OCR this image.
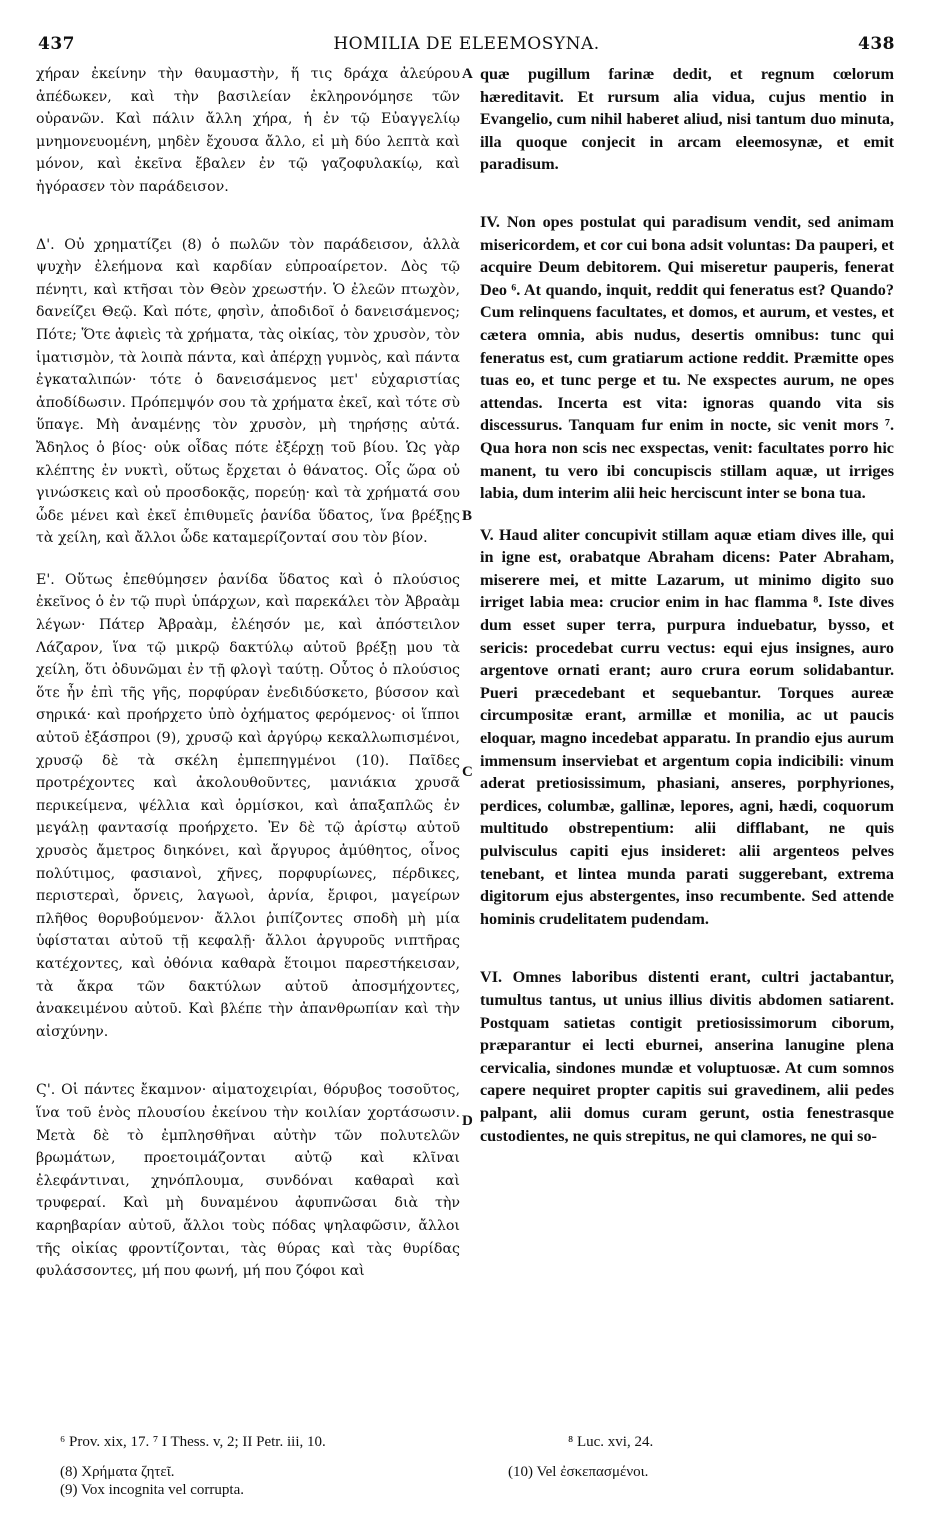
437	HOMILIA DE ELEEMOSYNA.	438

χήραν ἐκείνην τὴν θαυμαστὴν, ἥ τις δράχα ἀλεύρου ἀπέδωκεν, καὶ τὴν βασιλείαν ἐκληρονόμησε τῶν οὐρανῶν. Καὶ πάλιν ἄλλη χήρα, ἡ ἐν τῷ Εὐαγγελίῳ μνημονευομένη, μηδὲν ἔχουσα ἄλλο, εἰ μὴ δύο λεπτὰ καὶ μόνον, καὶ ἐκεῖνα ἔβαλεν ἐν τῷ γαζοφυλακίῳ, καὶ ἠγόρασεν τὸν παράδεισον.

Δ'. Οὐ χρηματίζει (8) ὁ πωλῶν τὸν παράδεισον, ἀλλὰ ψυχὴν ἐλεήμονα καὶ καρδίαν εὐπροαίρετον. Δὸς τῷ πένητι, καὶ κτῆσαι τὸν Θεὸν χρεωστήν. Ὁ ἐλεῶν πτωχὸν, δανείζει Θεῷ. Καὶ πότε, φησὶν, ἀποδιδοῖ ὁ δανεισάμενος; Πότε; Ὅτε ἀφιεὶς τὰ χρήματα, τὰς οἰκίας, τὸν χρυσὸν, τὸν ἱματισμὸν, τὰ λοιπὰ πάντα, καὶ ἀπέρχῃ γυμνὸς, καὶ πάντα ἐγκαταλιπών· τότε ὁ δανεισάμενος μετ' εὐχαριστίας ἀποδίδωσιν. Πρόπεμψόν σου τὰ χρήματα ἐκεῖ, καὶ τότε σὺ ὕπαγε. Μὴ ἀναμένῃς τὸν χρυσὸν, μὴ τηρήσῃς αὐτά. Ἄδηλος ὁ βίος· οὐκ οἶδας πότε ἐξέρχῃ τοῦ βίου. Ὡς γὰρ κλέπτης ἐν νυκτὶ, οὕτως ἔρχεται ὁ θάνατος. Οἷς ὥρα οὐ γινώσκεις καὶ οὐ προσδοκᾷς, πορεύῃ· καὶ τὰ χρήματά σου ὧδε μένει καὶ ἐκεῖ ἐπιθυμεῖς ῥανίδα ὕδατος, ἵνα βρέξῃς τὰ χείλη, καὶ ἄλλοι ὧδε καταμερίζονταί σου τὸν βίον.

Ε'. Οὕτως ἐπεθύμησεν ῥανίδα ὕδατος καὶ ὁ πλούσιος ἐκεῖνος ὁ ἐν τῷ πυρὶ ὑπάρχων, καὶ παρεκάλει τὸν Ἀβραὰμ λέγων· Πάτερ Ἀβραὰμ, ἐλέησόν με, καὶ ἀπόστειλον Λάζαρον, ἵνα τῷ μικρῷ δακτύλῳ αὐτοῦ βρέξῃ μου τὰ χείλη, ὅτι ὀδυνῶμαι ἐν τῇ φλογὶ ταύτῃ. Οὗτος ὁ πλούσιος ὅτε ἦν ἐπὶ τῆς γῆς, πορφύραν ἐνεδιδύσκετο, βύσσον καὶ σηρικά· καὶ προήρχετο ὑπὸ ὀχήματος φερόμενος· οἱ ἵπποι αὐτοῦ ἐξάσπροι (9), χρυσῷ καὶ ἀργύρῳ κεκαλλωπισμένοι, χρυσῷ δὲ τὰ σκέλη ἐμπεπηγμένοι (10). Παῖδες προτρέχοντες καὶ ἀκολουθοῦντες, μανιάκια χρυσᾶ περικείμενα, ψέλλια καὶ ὁρμίσκοι, καὶ ἁπαξαπλῶς ἐν μεγάλῃ φαντασίᾳ προήρχετο. Ἐν δὲ τῷ ἀρίστῳ αὐτοῦ χρυσὸς ἄμετρος διηκόνει, καὶ ἄργυρος ἀμύθητος, οἶνος πολύτιμος, φασιανοὶ, χῆνες, πορφυρίωνες, πέρδικες, περιστεραὶ, ὄρνεις, λαγωοὶ, ἀρνία, ἔριφοι, μαγείρων πλῆθος θορυβούμενον· ἄλλοι ῥιπίζοντες σποδὴ μὴ μία ὑφίσταται αὐτοῦ τῇ κεφαλῇ· ἄλλοι ἀργυροῦς νιπτῆρας κατέχοντες, καὶ ὀθόνια καθαρὰ ἕτοιμοι παρεστήκεισαν, τὰ ἄκρα τῶν δακτύλων αὐτοῦ ἀποσμήχοντες, ἀνακειμένου αὐτοῦ. Καὶ βλέπε τὴν ἀπανθρωπίαν καὶ τὴν αἰσχύνην.

Ϛ'. Οἱ πάντες ἔκαμνον· αἱματοχειρίαι, θόρυβος τοσοῦτος, ἵνα τοῦ ἑνὸς πλουσίου ἐκείνου τὴν κοιλίαν χορτάσωσιν. Μετὰ δὲ τὸ ἐμπλησθῆναι αὐτὴν τῶν πολυτελῶν βρωμάτων, προετοιμάζονται αὐτῷ καὶ κλῖναι ἐλεφάντιναι, χηνόπλουμα, συνδόναι καθαραὶ καὶ τρυφεραί. Καὶ μὴ δυναμένου ἀφυπνῶσαι διὰ τὴν καρηβαρίαν αὐτοῦ, ἄλλοι τοὺς πόδας ψηλαφῶσιν, ἄλλοι τῆς οἰκίας φροντίζονται, τὰς θύρας καὶ τὰς θυρίδας φυλάσσοντες, μή που φωνή, μή που ζόφοι καὶ

A
B
C
D

quæ pugillum farinæ dedit, et regnum cœlorum hæreditavit. Et rursum alia vidua, cujus mentio in Evangelio, cum nihil haberet aliud, nisi tantum duo minuta, illa quoque conjecit in arcam eleemosynæ, et emit paradisum.

IV. Non opes postulat qui paradisum vendit, sed animam misericordem, et cor cui bona adsit voluntas: Da pauperi, et acquire Deum debitorem. Qui miseretur pauperis, fenerat Deo ⁶. At quando, inquit, reddit qui feneratus est? Quando? Cum relinquens facultates, et domos, et aurum, et vestes, et cætera omnia, abis nudus, desertis omnibus: tunc qui feneratus est, cum gratiarum actione reddit. Præmitte opes tuas eo, et tunc perge et tu. Ne exspectes aurum, ne opes attendas. Incerta est vita: ignoras quando vita sis discessurus. Tanquam fur enim in nocte, sic venit mors ⁷. Qua hora non scis nec exspectas, venit: facultates porro hic manent, tu vero ibi concupiscis stillam aquæ, ut irriges labia, dum interim alii heic herciscunt inter se bona tua.

V. Haud aliter concupivit stillam aquæ etiam dives ille, qui in igne est, orabatque Abraham dicens: Pater Abraham, miserere mei, et mitte Lazarum, ut minimo digito suo irriget labia mea: crucior enim in hac flamma ⁸. Iste dives dum esset super terra, purpura induebatur, bysso, et sericis: procedebat curru vectus: equi ejus insignes, auro argentove ornati erant; auro crura eorum solidabantur. Pueri præcedebant et sequebantur. Torques aureæ circumpositæ erant, armillæ et monilia, ac ut paucis eloquar, magno incedebat apparatu. In prandio ejus aurum immensum inserviebat et argentum copia indicibili: vinum aderat pretiosissimum, phasiani, anseres, porphyriones, perdices, columbæ, gallinæ, lepores, agni, hædi, coquorum multitudo obstrepentium: alii difflabant, ne quis pulvisculus capiti ejus insideret: alii argenteos pelves tenebant, et lintea munda parati suggerebant, extrema digitorum ejus abstergentes, inso recumbente. Sed attende hominis crudelitatem pudendam.

VI. Omnes laboribus distenti erant, cultri jactabantur, tumultus tantus, ut unius illius divitis abdomen satiarent. Postquam satietas contigit pretiosissimorum ciborum, præparantur ei lecti eburnei, anserina lanugine plena cervicalia, sindones mundæ et voluptuosæ. At cum somnos capere nequiret propter capitis sui gravedinem, alii pedes palpant, alii domus curam gerunt, ostia fenestrasque custodientes, ne quis strepitus, ne qui clamores, ne qui so-

⁶ Prov. xix, 17. ⁷ I Thess. v, 2; II Petr. iii, 10.	⁸ Luc. xvi, 24.
(8) Χρήματα ζητεῖ.	(10) Vel ἐσκεπασμένοι.
(9) Vox incognita vel corrupta.
